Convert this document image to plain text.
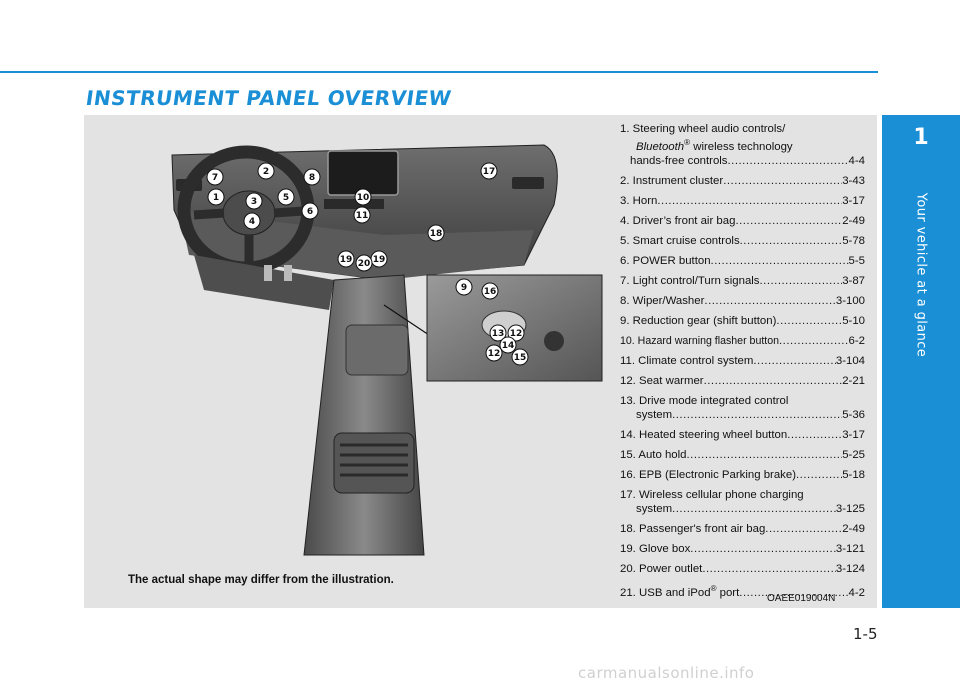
INSTRUMENT PANEL OVERVIEW
1
2
3
4
5
6
7	8
10
11
17
18
19 19
20
9 16
13 12
12
14
15
1. Steering wheel audio controls/
Bluetooth® wireless technology
hands-free controls .....	4-4
2. Instrument cluster .....	3-43
3. Horn .....	3-17
4. Driver’s front air bag .....	2-49
5. Smart cruise controls .....	5-78
6. POWER button .....	5-5
7. Light control/Turn signals .....	3-87
8. Wiper/Washer .....	3-100
9. Reduction gear (shift button) .....	5-10
10. Hazard warning flasher button .....	6-2
11. Climate control system .....	3-104
12. Seat warmer .....	2-21
13. Drive mode integrated control
system .....	5-36
14. Heated steering wheel button .....	3-17
15. Auto hold .....	5-25
16. EPB (Electronic Parking brake) .....	5-18
17. Wireless cellular phone charging
system .....	3-125
18. Passenger's front air bag .....	2-49
19. Glove box .....	3-121
20. Power outlet .....	3-124
21. USB and iPod® port .....	4-2
The actual shape may differ from the illustration.
OAEE019004N
1
Your vehicle at a glance
1-5
carmanualsonline.info
